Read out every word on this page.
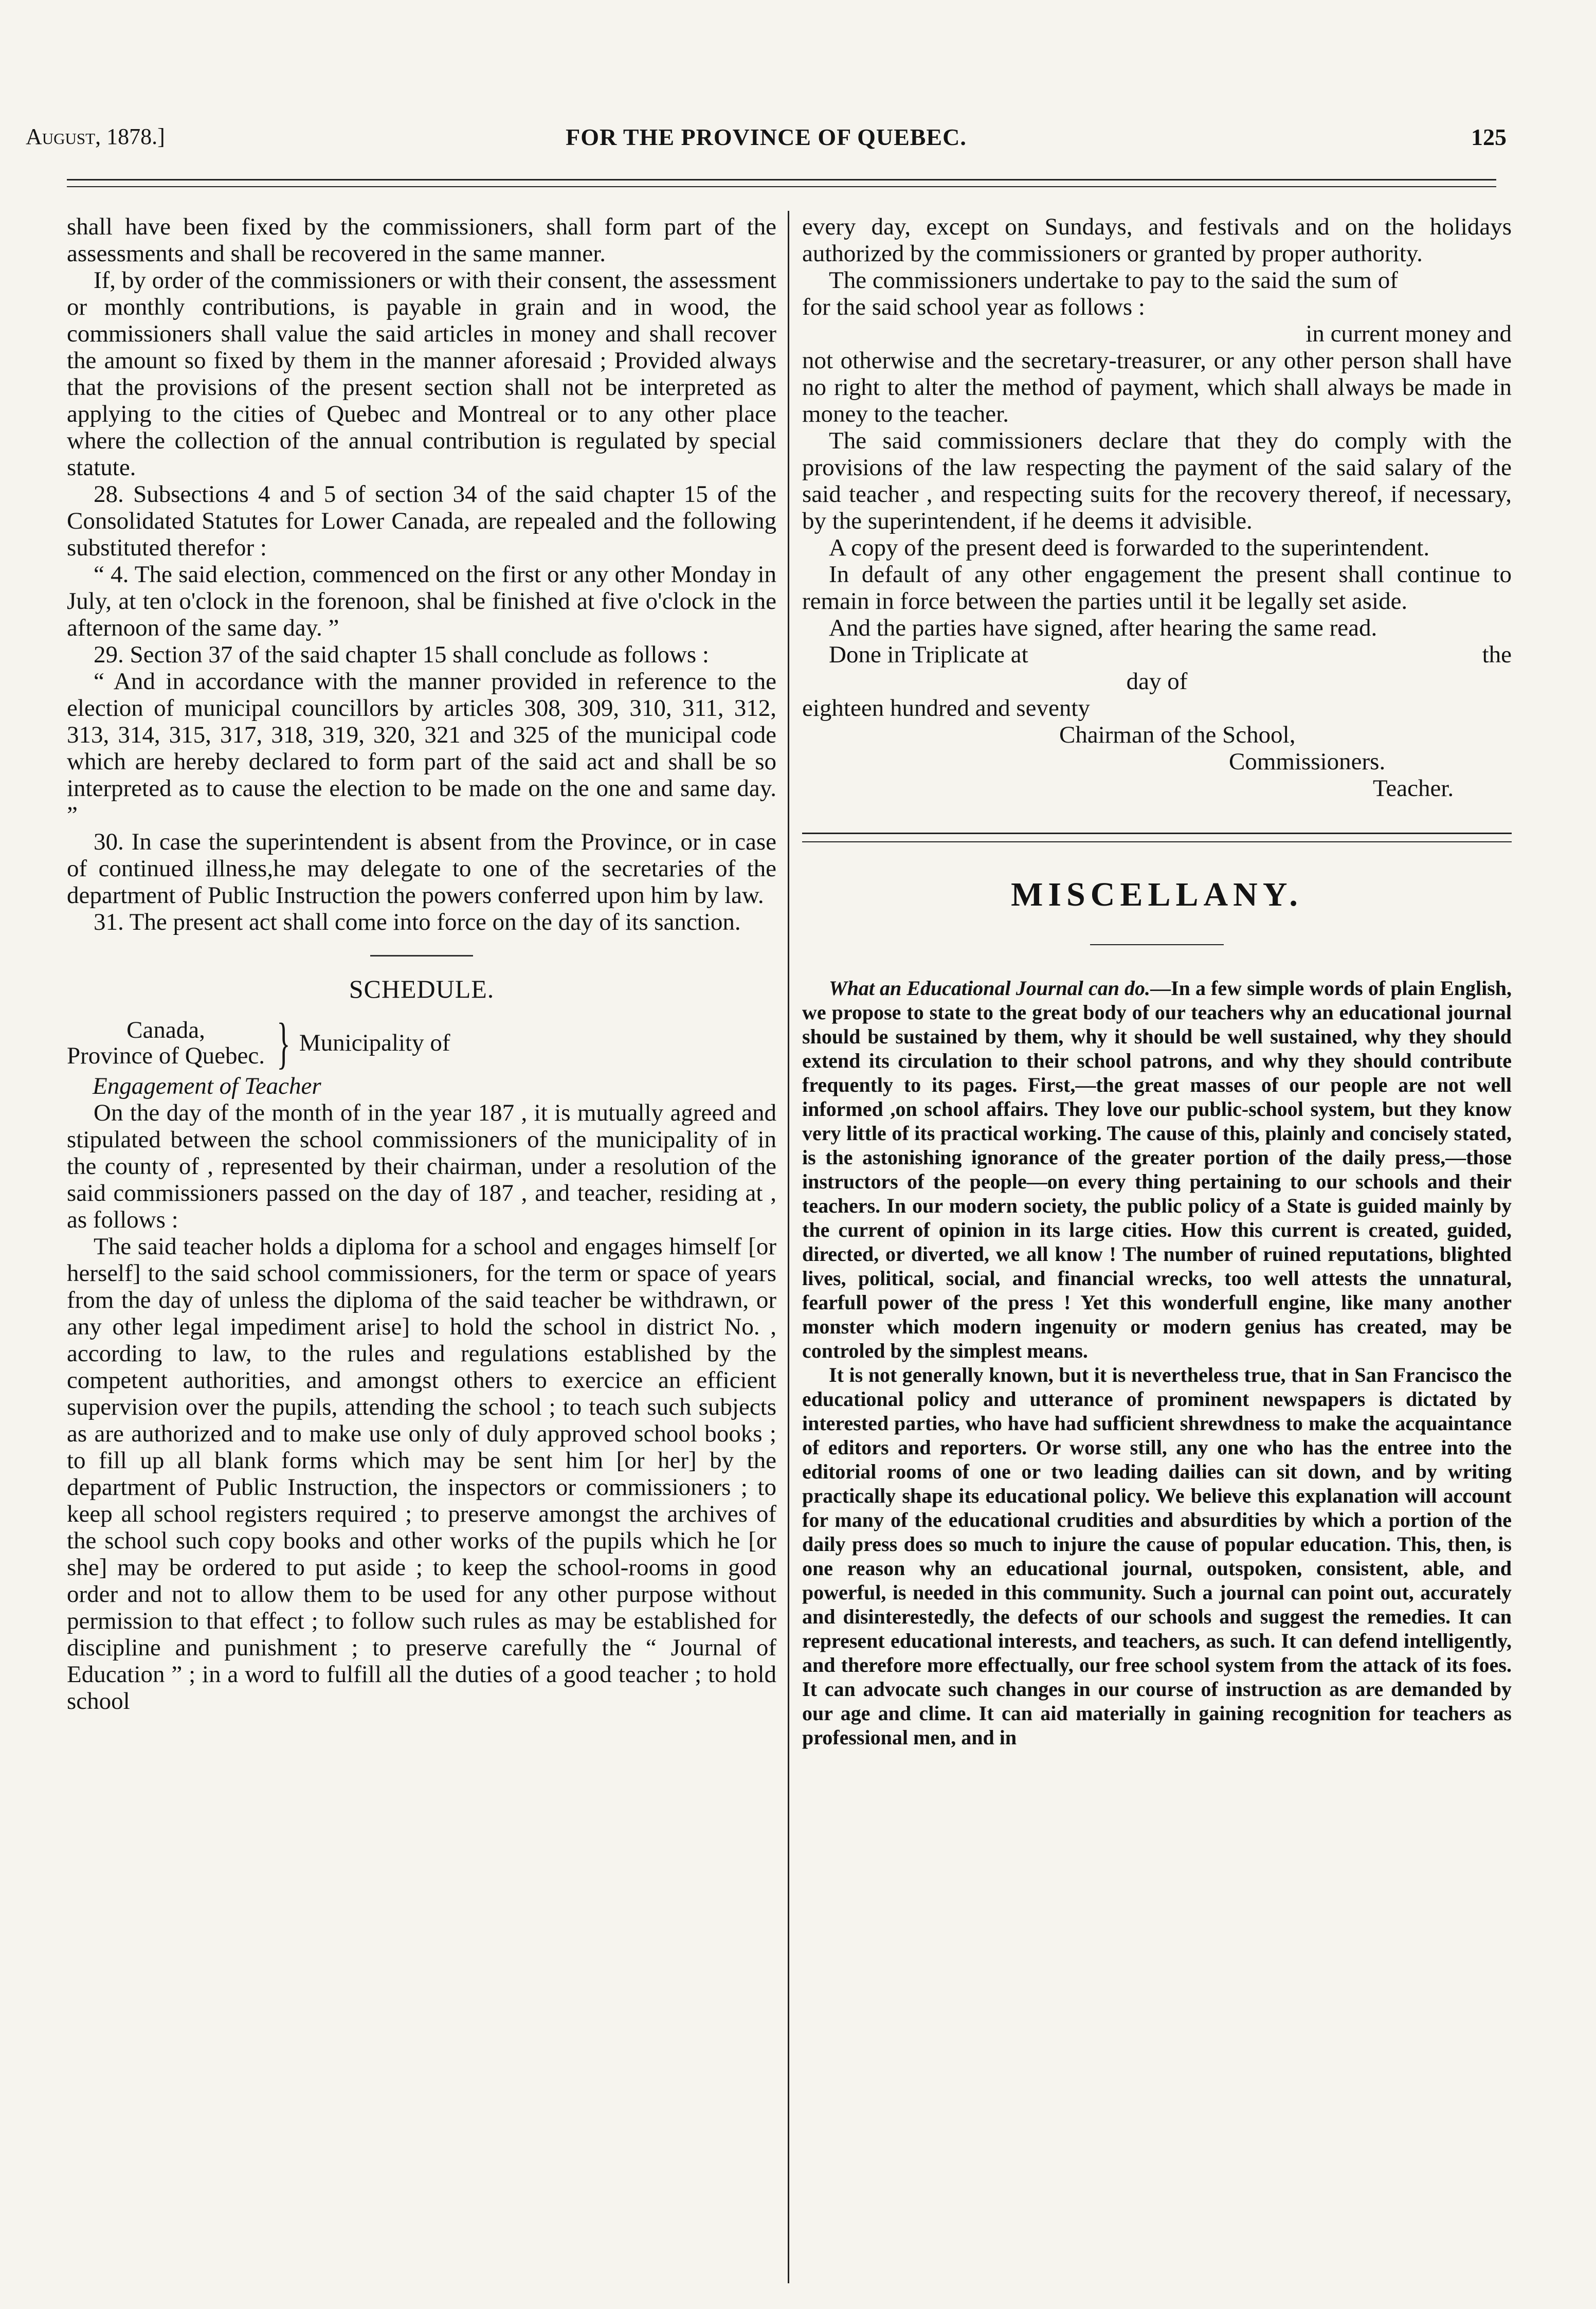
August, 1878.]	FOR THE PROVINCE OF QUEBEC.	125

shall have been fixed by the commissioners, shall form part of the assessments and shall be recovered in the same manner.

If, by order of the commissioners or with their consent, the assessment or monthly contributions, is payable in grain and in wood, the commissioners shall value the said articles in money and shall recover the amount so fixed by them in the manner aforesaid ; Provided always that the provisions of the present section shall not be interpreted as applying to the cities of Quebec and Montreal or to any other place where the collection of the annual contribution is regulated by special statute.

28. Subsections 4 and 5 of section 34 of the said chapter 15 of the Consolidated Statutes for Lower Canada, are repealed and the following substituted therefor :

“ 4. The said election, commenced on the first or any other Monday in July, at ten o'clock in the forenoon, shal be finished at five o'clock in the afternoon of the same day. ”

29. Section 37 of the said chapter 15 shall conclude as follows :

“ And in accordance with the manner provided in reference to the election of municipal councillors by articles 308, 309, 310, 311, 312, 313, 314, 315, 317, 318, 319, 320, 321 and 325 of the municipal code which are hereby declared to form part of the said act and shall be so interpreted as to cause the election to be made on the one and same day. ”

30. In case the superintendent is absent from the Province, or in case of continued illness,he may delegate to one of the secretaries of the department of Public Instruction the powers conferred upon him by law.

31. The present act shall come into force on the day of its sanction.

SCHEDULE.
Canada,
Province of Quebec. } Municipality of
Engagement of Teacher

On the day of the month of in the year 187 , it is mutually agreed and stipulated between the school commissioners of the municipality of in the county of , represented by their chairman, under a resolution of the said commissioners passed on the day of 187 , and teacher, residing at , as follows :

The said teacher holds a diploma for a school and engages himself [or herself] to the said school commissioners, for the term or space of years from the day of unless the diploma of the said teacher be withdrawn, or any other legal impediment arise] to hold the school in district No. , according to law, to the rules and regulations established by the competent authorities, and amongst others to exercice an efficient supervision over the pupils, attending the school ; to teach such subjects as are authorized and to make use only of duly approved school books ; to fill up all blank forms which may be sent him [or her] by the department of Public Instruction, the inspectors or commissioners ; to keep all school registers required ; to preserve amongst the archives of the school such copy books and other works of the pupils which he [or she] may be ordered to put aside ; to keep the school-rooms in good order and not to allow them to be used for any other purpose without permission to that effect ; to follow such rules as may be established for discipline and punishment ; to preserve carefully the “ Journal of Education ” ; in a word to fulfill all the duties of a good teacher ; to hold school

every day, except on Sundays, and festivals and on the holidays authorized by the commissioners or granted by proper authority.

The commissioners undertake to pay to the said the sum of

for the said school year as follows :

in current money and

not otherwise and the secretary-treasurer, or any other person shall have no right to alter the method of payment, which shall always be made in money to the teacher.

The said commissioners declare that they do comply with the provisions of the law respecting the payment of the said salary of the said teacher , and respecting suits for the recovery thereof, if necessary, by the superintendent, if he deems it advisible.

A copy of the present deed is forwarded to the superintendent.

In default of any other engagement the present shall continue to remain in force between the parties until it be legally set aside.

And the parties have signed, after hearing the same read.

Done in Triplicate at	the
day of
eighteen hundred and seventy
Chairman of the School,
Commissioners.
Teacher.
MISCELLANY.

What an Educational Journal can do.—In a few simple words of plain English, we propose to state to the great body of our teachers why an educational journal should be sustained by them, why it should be well sustained, why they should extend its circulation to their school patrons, and why they should contribute frequently to its pages. First,—the great masses of our people are not well informed ,on school affairs. They love our public-school system, but they know very little of its practical working. The cause of this, plainly and concisely stated, is the astonishing ignorance of the greater portion of the daily press,—those instructors of the people—on every thing pertaining to our schools and their teachers. In our modern society, the public policy of a State is guided mainly by the current of opinion in its large cities. How this current is created, guided, directed, or diverted, we all know ! The number of ruined reputations, blighted lives, political, social, and financial wrecks, too well attests the unnatural, fearfull power of the press ! Yet this wonderfull engine, like many another monster which modern ingenuity or modern genius has created, may be controled by the simplest means.

It is not generally known, but it is nevertheless true, that in San Francisco the educational policy and utterance of prominent newspapers is dictated by interested parties, who have had sufficient shrewdness to make the acquaintance of editors and reporters. Or worse still, any one who has the entree into the editorial rooms of one or two leading dailies can sit down, and by writing practically shape its educational policy. We believe this explanation will account for many of the educational crudities and absurdities by which a portion of the daily press does so much to injure the cause of popular education. This, then, is one reason why an educational journal, outspoken, consistent, able, and powerful, is needed in this community. Such a journal can point out, accurately and disinterestedly, the defects of our schools and suggest the remedies. It can represent educational interests, and teachers, as such. It can defend intelligently, and therefore more effectually, our free school system from the attack of its foes. It can advocate such changes in our course of instruction as are demanded by our age and clime. It can aid materially in gaining recognition for teachers as professional men, and in
